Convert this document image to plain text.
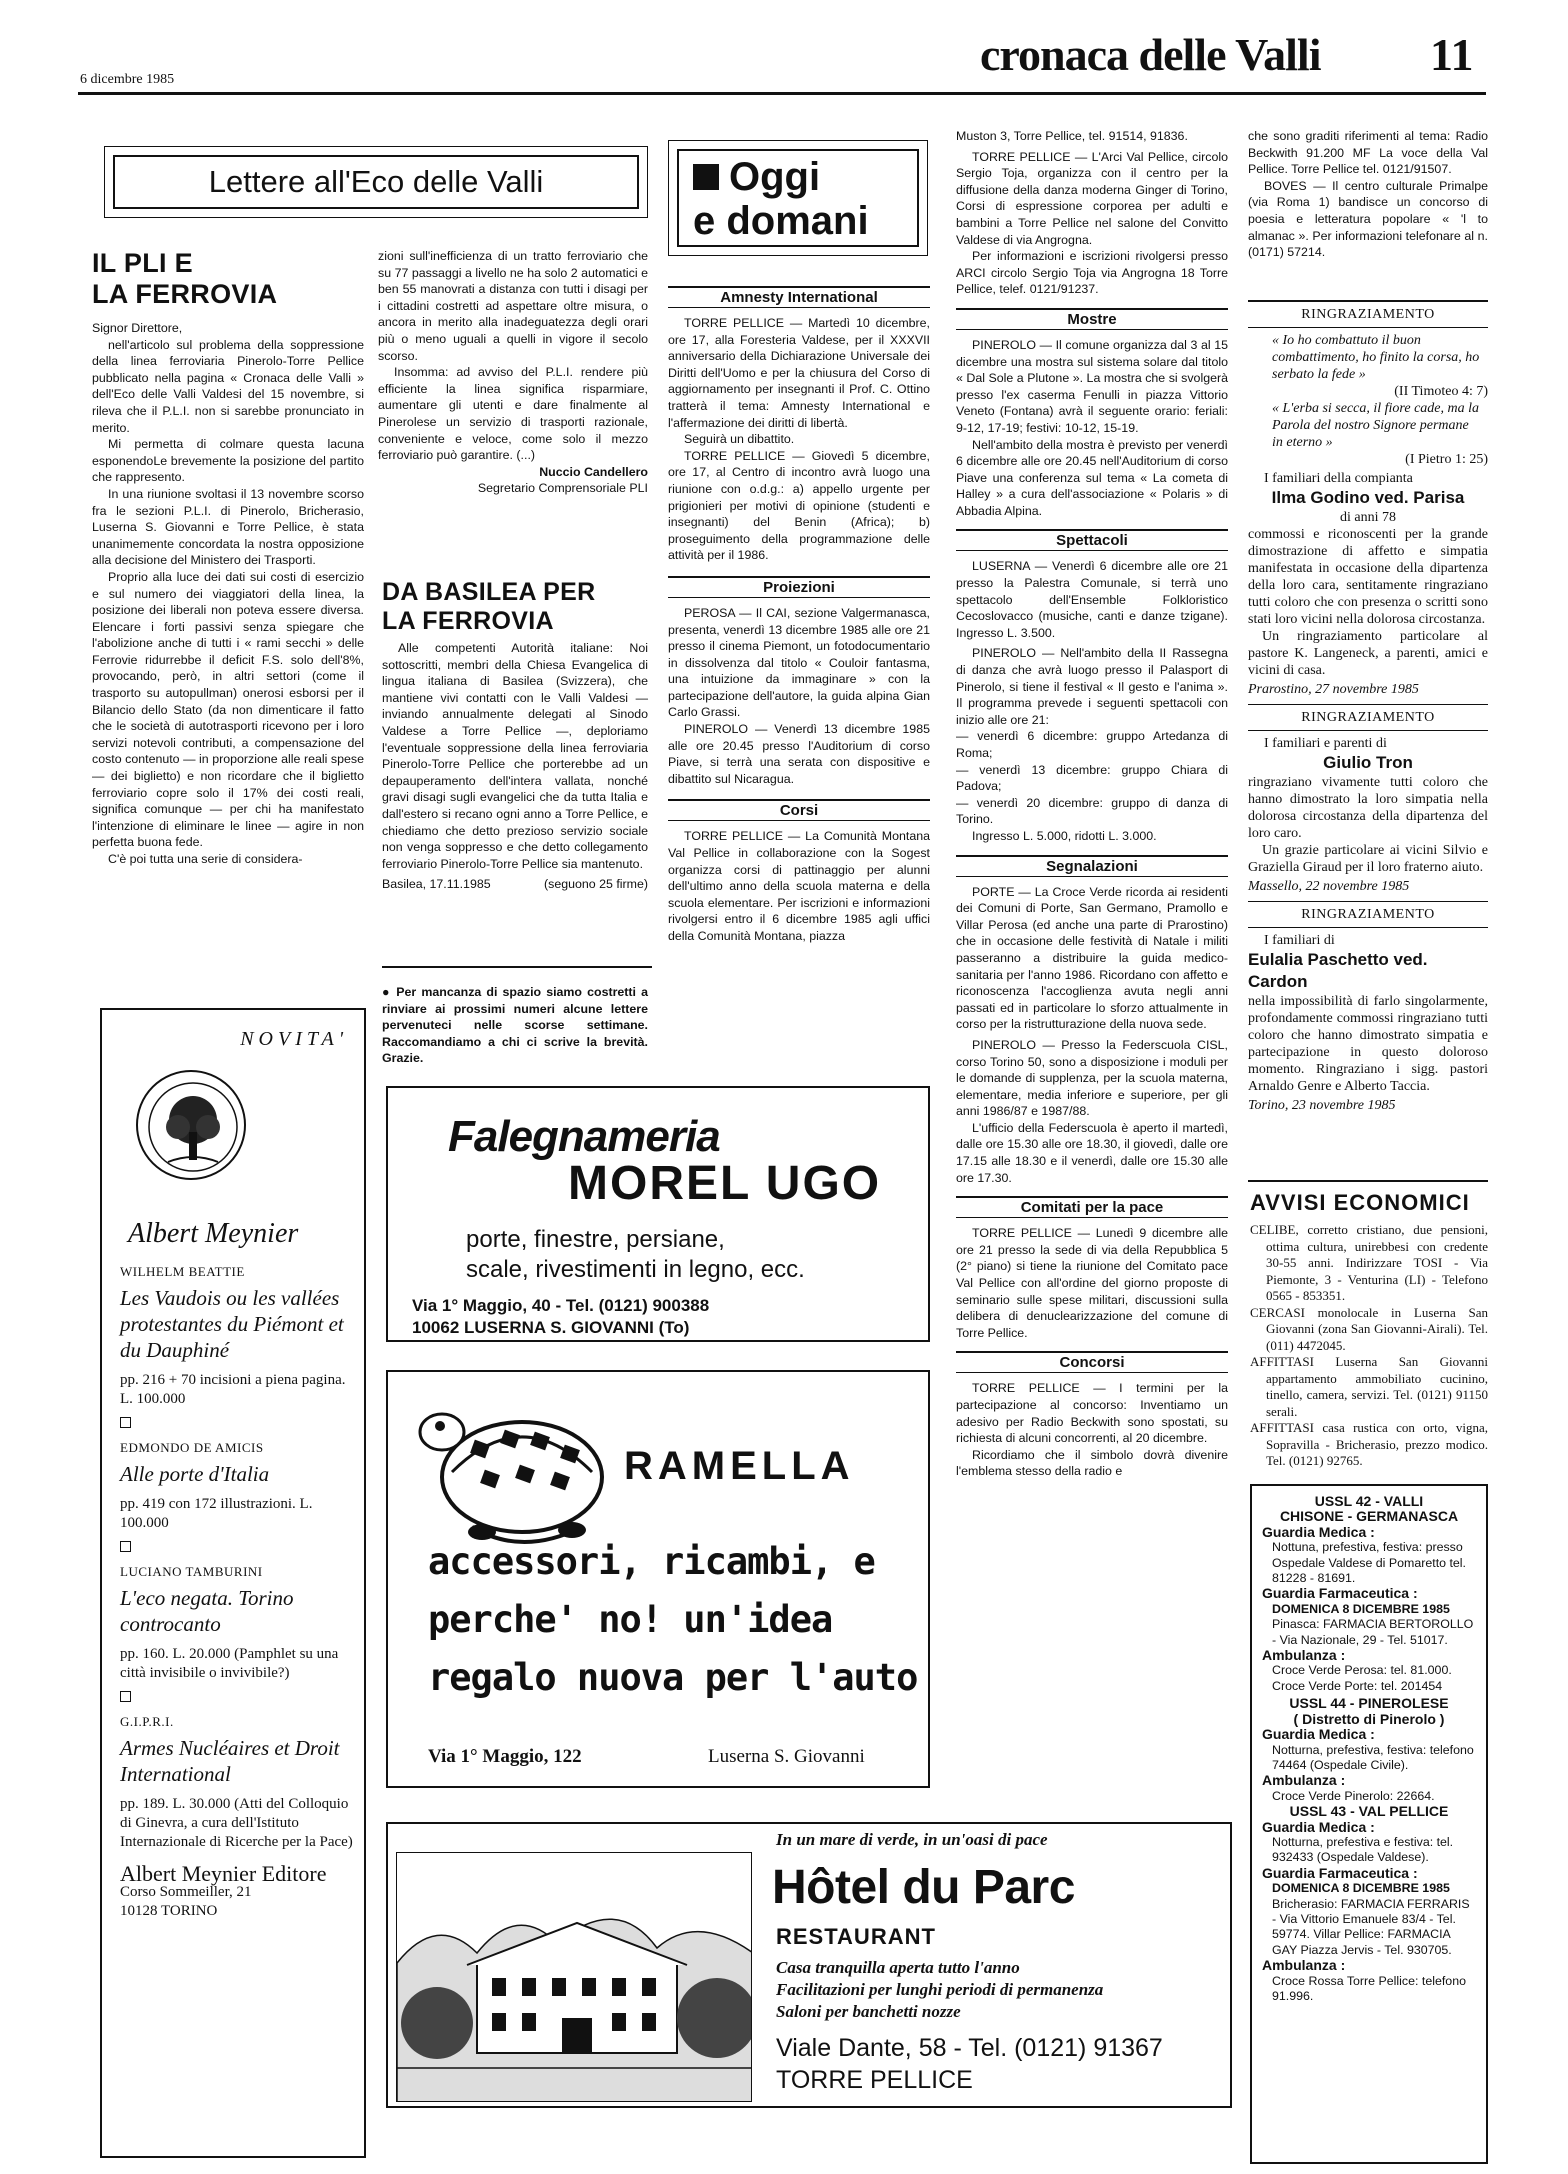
6 dicembre 1985	cronaca delle Valli 11
Lettere all'Eco delle Valli
IL PLI E
LA FERROVIA

Signor Direttore,

nell'articolo sul problema della soppressione della linea ferroviaria Pinerolo-Torre Pellice pubblicato nella pagina « Cronaca delle Valli » dell'Eco delle Valli Valdesi del 15 novembre, si rileva che il P.L.I. non si sarebbe pronunciato in merito.

Mi permetta di colmare questa lacuna esponendoLe brevemente la posizione del partito che rappresento.

In una riunione svoltasi il 13 novembre scorso fra le sezioni P.L.I. di Pinerolo, Bricherasio, Luserna S. Giovanni e Torre Pellice, è stata unanimemente concordata la nostra opposizione alla decisione del Ministero dei Trasporti.

Proprio alla luce dei dati sui costi di esercizio e sul numero dei viaggiatori della linea, la posizione dei liberali non poteva essere diversa. Elencare i forti passivi senza spiegare che l'abolizione anche di tutti i « rami secchi » delle Ferrovie ridurrebbe il deficit F.S. solo dell'8%, provocando, però, in altri settori (come il trasporto su autopullman) onerosi esborsi per il Bilancio dello Stato (da non dimenticare il fatto che le società di autotrasporti ricevono per i loro servizi notevoli contributi, a compensazione del costo contenuto — in proporzione alle reali spese — dei biglietto) e non ricordare che il biglietto ferroviario copre solo il 17% dei costi reali, significa comunque — per chi ha manifestato l'intenzione di eliminare le linee — agire in non perfetta buona fede.

C'è poi tutta una serie di considera-

zioni sull'inefficienza di un tratto ferroviario che su 77 passaggi a livello ne ha solo 2 automatici e ben 55 manovrati a distanza con tutti i disagi per i cittadini costretti ad aspettare oltre misura, o ancora in merito alla inadeguatezza degli orari più o meno uguali a quelli in vigore il secolo scorso.

Insomma: ad avviso del P.L.I. rendere più efficiente la linea significa risparmiare, aumentare gli utenti e dare finalmente al Pinerolese un servizio di trasporti razionale, conveniente e veloce, come solo il mezzo ferroviario può garantire. (...)

Nuccio Candellero
Segretario Comprensoriale PLI
DA BASILEA PER
LA FERROVIA

Alle competenti Autorità italiane: Noi sottoscritti, membri della Chiesa Evangelica di lingua italiana di Basilea (Svizzera), che mantiene vivi contatti con le Valli Valdesi — inviando annualmente delegati al Sinodo Valdese a Torre Pellice —, deploriamo l'eventuale soppressione della linea ferroviaria Pinerolo-Torre Pellice che porterebbe ad un depauperamento dell'intera vallata, nonché gravi disagi sugli evangelici che da tutta Italia e dall'estero si recano ogni anno a Torre Pellice, e chiediamo che detto prezioso servizio sociale non venga soppresso e che detto collegamento ferroviario Pinerolo-Torre Pellice sia mantenuto.

Basilea, 17.11.1985	(seguono 25 firme)

● Per mancanza di spazio siamo costretti a rinviare ai prossimi numeri alcune lettere pervenuteci nelle scorse settimane. Raccomandiamo a chi ci scrive la brevità. Grazie.

NOVITA'
Albert Meynier
WILHELM BEATTIE
Les Vaudois ou les vallées protestantes du Piémont et du Dauphiné
pp. 216 + 70 incisioni a piena pagina. L. 100.000
EDMONDO DE AMICIS
Alle porte d'Italia
pp. 419 con 172 illustrazioni. L. 100.000
LUCIANO TAMBURINI
L'eco negata. Torino controcanto
pp. 160. L. 20.000 (Pamphlet su una città invisibile o invivibile?)
G.I.P.R.I.
Armes Nucléaires et Droit International
pp. 189. L. 30.000 (Atti del Colloquio di Ginevra, a cura dell'Istituto Internazionale di Ricerche per la Pace)
Albert Meynier Editore
Corso Sommeiller, 21
10128 TORINO
Oggi
e domani
Amnesty International

TORRE PELLICE — Martedì 10 dicembre, ore 17, alla Foresteria Valdese, per il XXXVII anniversario della Dichiarazione Universale dei Diritti dell'Uomo e per la chiusura del Corso di aggiornamento per insegnanti il Prof. C. Ottino tratterà il tema: Amnesty International e l'affermazione dei diritti di libertà.

Seguirà un dibattito.

TORRE PELLICE — Giovedì 5 dicembre, ore 17, al Centro di incontro avrà luogo una riunione con o.d.g.: a) appello urgente per prigionieri per motivi di opinione (studenti e insegnanti) del Benin (Africa); b) proseguimento della programmazione delle attività per il 1986.

Proiezioni

PEROSA — Il CAI, sezione Valgermanasca, presenta, venerdì 13 dicembre 1985 alle ore 21 presso il cinema Piemont, un fotodocumentario in dissolvenza dal titolo « Couloir fantasma, una intuizione da immaginare » con la partecipazione dell'autore, la guida alpina Gian Carlo Grassi.

PINEROLO — Venerdì 13 dicembre 1985 alle ore 20.45 presso l'Auditorium di corso Piave, si terrà una serata con dispositive e dibattito sul Nicaragua.

Corsi

TORRE PELLICE — La Comunità Montana Val Pellice in collaborazione con la Sogest organizza corsi di pattinaggio per alunni dell'ultimo anno della scuola materna e della scuola elementare. Per iscrizioni e informazioni rivolgersi entro il 6 dicembre 1985 agli uffici della Comunità Montana, piazza

Muston 3, Torre Pellice, tel. 91514, 91836.

TORRE PELLICE — L'Arci Val Pellice, circolo Sergio Toja, organizza con il centro per la diffusione della danza moderna Ginger di Torino, Corsi di espressione corporea per adulti e bambini a Torre Pellice nel salone del Convitto Valdese di via Angrogna.

Per informazioni e iscrizioni rivolgersi presso ARCI circolo Sergio Toja via Angrogna 18 Torre Pellice, telef. 0121/91237.

Mostre

PINEROLO — Il comune organizza dal 3 al 15 dicembre una mostra sul sistema solare dal titolo « Dal Sole a Plutone ». La mostra che si svolgerà presso l'ex caserma Fenulli in piazza Vittorio Veneto (Fontana) avrà il seguente orario: feriali: 9-12, 17-19; festivi: 10-12, 15-19.

Nell'ambito della mostra è previsto per venerdì 6 dicembre alle ore 20.45 nell'Auditorium di corso Piave una conferenza sul tema « La cometa di Halley » a cura dell'associazione « Polaris » di Abbadia Alpina.

Spettacoli

LUSERNA — Venerdì 6 dicembre alle ore 21 presso la Palestra Comunale, si terrà uno spettacolo dell'Ensemble Folkloristico Cecoslovacco (musiche, canti e danze tzigane). Ingresso L. 3.500.

PINEROLO — Nell'ambito della II Rassegna di danza che avrà luogo presso il Palasport di Pinerolo, si tiene il festival « Il gesto e l'anima ». Il programma prevede i seguenti spettacoli con inizio alle ore 21:

— venerdì 6 dicembre: gruppo Artedanza di Roma;

— venerdì 13 dicembre: gruppo Chiara di Padova;

— venerdì 20 dicembre: gruppo di danza di Torino.

Ingresso L. 5.000, ridotti L. 3.000.

Segnalazioni

PORTE — La Croce Verde ricorda ai residenti dei Comuni di Porte, San Germano, Pramollo e Villar Perosa (ed anche una parte di Prarostino) che in occasione delle festività di Natale i militi passeranno a distribuire la guida medico-sanitaria per l'anno 1986. Ricordano con affetto e riconoscenza l'accoglienza avuta negli anni passati ed in particolare lo sforzo attualmente in corso per la ristrutturazione della nuova sede.

PINEROLO — Presso la Federscuola CISL, corso Torino 50, sono a disposizione i moduli per le domande di supplenza, per la scuola materna, elementare, media inferiore e superiore, per gli anni 1986/87 e 1987/88.

L'ufficio della Federscuola è aperto il martedì, dalle ore 15.30 alle ore 18.30, il giovedì, dalle ore 17.15 alle 18.30 e il venerdì, dalle ore 15.30 alle ore 17.30.

Comitati per la pace

TORRE PELLICE — Lunedì 9 dicembre alle ore 21 presso la sede di via della Repubblica 5 (2° piano) si tiene la riunione del Comitato pace Val Pellice con all'ordine del giorno proposte di seminario sulle spese militari, discussioni sulla delibera di denuclearizzazione del comune di Torre Pellice.

Concorsi

TORRE PELLICE — I termini per la partecipazione al concorso: Inventiamo un adesivo per Radio Beckwith sono spostati, su richiesta di alcuni concorrenti, al 20 dicembre.

Ricordiamo che il simbolo dovrà divenire l'emblema stesso della radio e

che sono graditi riferimenti al tema: Radio Beckwith 91.200 MF La voce della Val Pellice. Torre Pellice tel. 0121/91507.

BOVES — Il centro culturale Primalpe (via Roma 1) bandisce un concorso di poesia e letteratura popolare « 'l to almanac ». Per informazioni telefonare al n. (0171) 57214.

RINGRAZIAMENTO
« Io ho combattuto il buon combattimento, ho finito la corsa, ho serbato la fede »
(II Timoteo 4: 7)
« L'erba si secca, il fiore cade, ma la Parola del nostro Signore permane in eterno »
(I Pietro 1: 25)
I familiari della compianta
Ilma Godino ved. Parisa
di anni 78
commossi e riconoscenti per la grande dimostrazione di affetto e simpatia manifestata in occasione della dipartenza della loro cara, sentitamente ringraziano tutti coloro che con presenza o scritti sono stati loro vicini nella dolorosa circostanza.
Un ringraziamento particolare al pastore K. Langeneck, a parenti, amici e vicini di casa.
Prarostino, 27 novembre 1985
RINGRAZIAMENTO
I familiari e parenti di
Giulio Tron
ringraziano vivamente tutti coloro che hanno dimostrato la loro simpatia nella dolorosa circostanza della dipartenza del loro caro.
Un grazie particolare ai vicini Silvio e Graziella Giraud per il loro fraterno aiuto.
Massello, 22 novembre 1985
RINGRAZIAMENTO
I familiari di
Eulalia Paschetto ved. Cardon
nella impossibilità di farlo singolarmente, profondamente commossi ringraziano tutti coloro che hanno dimostrato simpatia e partecipazione in questo doloroso momento. Ringraziano i sigg. pastori Arnaldo Genre e Alberto Taccia.
Torino, 23 novembre 1985
AVVISI ECONOMICI
CELIBE, corretto cristiano, due pensioni, ottima cultura, unirebbesi con credente 30-55 anni. Indirizzare TOSI - Via Piemonte, 3 - Venturina (LI) - Telefono 0565 - 853351.
CERCASI monolocale in Luserna San Giovanni (zona San Giovanni-Airali). Tel. (011) 4472045.
AFFITTASI Luserna San Giovanni appartamento ammobiliato cucinino, tinello, camera, servizi. Tel. (0121) 91150 serali.
AFFITTASI casa rustica con orto, vigna, Sopravilla - Bricherasio, prezzo modico. Tel. (0121) 92765.
USSL 42 - VALLI
CHISONE - GERMANASCA
Guardia Medica :
Nottuna, prefestiva, festiva: presso Ospedale Valdese di Pomaretto tel. 81228 - 81691.
Guardia Farmaceutica :
DOMENICA 8 DICEMBRE 1985
Pinasca: FARMACIA BERTOROLLO - Via Nazionale, 29 - Tel. 51017.
Ambulanza :
Croce Verde Perosa: tel. 81.000. Croce Verde Porte: tel. 201454
USSL 44 - PINEROLESE
( Distretto di Pinerolo )
Guardia Medica :
Notturna, prefestiva, festiva: telefono 74464 (Ospedale Civile).
Ambulanza :
Croce Verde Pinerolo: 22664.
USSL 43 - VAL PELLICE
Guardia Medica :
Notturna, prefestiva e festiva: tel. 932433 (Ospedale Valdese).
Guardia Farmaceutica :
DOMENICA 8 DICEMBRE 1985
Bricherasio: FARMACIA FERRARIS - Via Vittorio Emanuele 83/4 - Tel. 59774. Villar Pellice: FARMACIA GAY Piazza Jervis - Tel. 930705.
Ambulanza :
Croce Rossa Torre Pellice: telefono 91.996.
Falegnameria
MOREL UGO
porte, finestre, persiane,
scale, rivestimenti in legno, ecc.
Via 1° Maggio, 40 - Tel. (0121) 900388
10062 LUSERNA S. GIOVANNI (To)
RAMELLA
accessori, ricambi, e
perche' no! un'idea
regalo nuova per l'auto
Via 1° Maggio, 122	Luserna S. Giovanni
In un mare di verde, in un'oasi di pace
Hôtel du Parc
RESTAURANT
Casa tranquilla aperta tutto l'anno
Facilitazioni per lunghi periodi di permanenza
Saloni per banchetti nozze
Viale Dante, 58 - Tel. (0121) 91367
TORRE PELLICE
